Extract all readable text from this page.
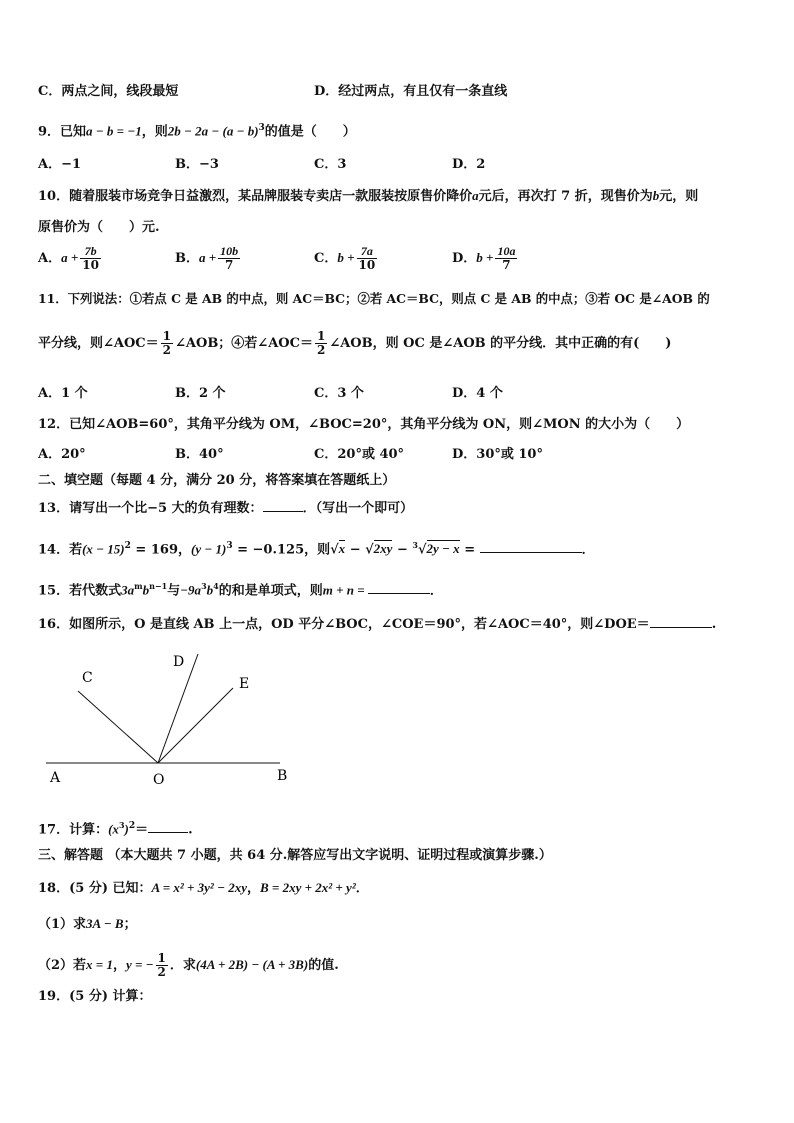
C．两点之间，线段最短	D．经过两点，有且仅有一条直线
9．已知a − b = −1，则$2b - 2a - (a - b)^3$的值是（　　）
A．−1	B．−3	C．3	D．2
10．随着服装市场竞争日益激烈，某品牌服装专卖店一款服装按原售价降价a元后，再次打 7 折，现售价为b元，则
原售价为（　　）元.
A．$a + \frac{7b}{10}$	B．$a + \frac{10b}{7}$	C．$b + \frac{7a}{10}$	D．$b + \frac{10a}{7}$
11．下列说法：①若点 C 是 AB 的中点，则 AC＝BC；②若 AC＝BC，则点 C 是 AB 的中点；③若 OC 是∠AOB 的
平分线，则∠AOC＝ $\frac{1}{2}$ ∠AOB；④若∠AOC＝ $\frac{1}{2}$ ∠AOB，则 OC 是∠AOB 的平分线．其中正确的有(　　)
A．1 个	B．2 个	C．3 个	D．4 个
12．已知∠AOB=60°，其角平分线为 OM，∠BOC=20°，其角平分线为 ON，则∠MON 的大小为（　　）
A．20°	B．40°	C．20°或 40°	D．30°或 10°
二、填空题（每题 4 分，满分 20 分，将答案填在答题纸上）
13．请写出一个比−5 大的负有理数：	．（写出一个即可）
14．若$(x - 15)^2 = 169$，$(y - 1)^3 = -0.125$，则√x − √2xy − $^3$√2y − x =	．
15．若代数式$3a^mb^{n-1}$与$-9a^3b^4$的和是单项式，则m + n =	．
16．如图所示，O 是直线 AB 上一点，OD 平分∠BOC，∠COE＝90°，若∠AOC＝40°，则∠DOE＝	.
A	O	B
C
D
E
17．计算：$(x^3)^2=$	.
三、解答题 （本大题共 7 小题，共 64 分.解答应写出文字说明、证明过程或演算步骤.）
18．(5 分) 已知：A = x² + 3y² − 2xy，B = 2xy + 2x² + y²．
（1）求3A − B；
（2）若x = 1，y = − $\frac{1}{2}$ ．求(4A + 2B) − (A + 3B)的值.
19．(5 分) 计算：
